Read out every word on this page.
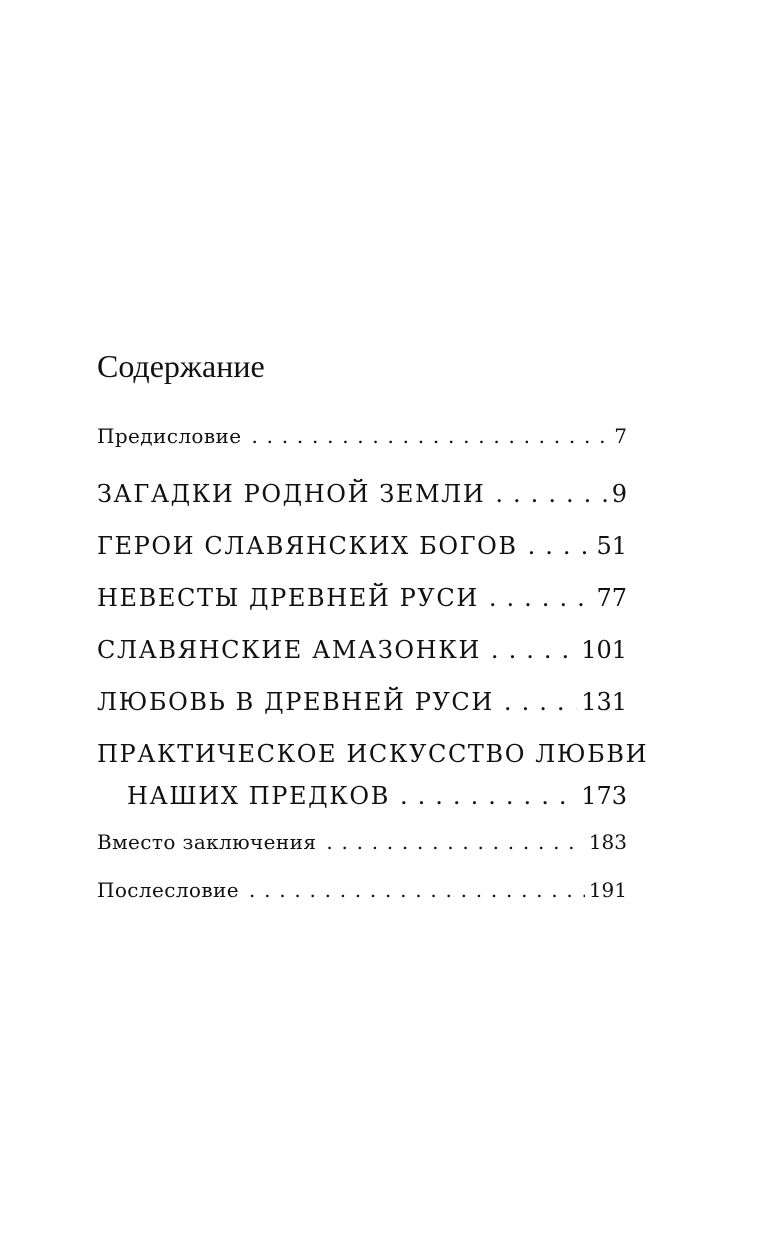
Содержание
Предисловие . . .	7
ЗАГАДКИ РОДНОЙ ЗЕМЛИ . . .	9
ГЕРОИ СЛАВЯНСКИХ БОГОВ . . .	51
НЕВЕСТЫ ДРЕВНЕЙ РУСИ . . .	77
СЛАВЯНСКИЕ АМАЗОНКИ . . .	101
ЛЮБОВЬ В ДРЕВНЕЙ РУСИ . . .	131
ПРАКТИЧЕСКОЕ ИСКУССТВО ЛЮБВИ
НАШИХ ПРЕДКОВ . . .	173
Вместо заключения . . .	183
Послесловие . . .	191
